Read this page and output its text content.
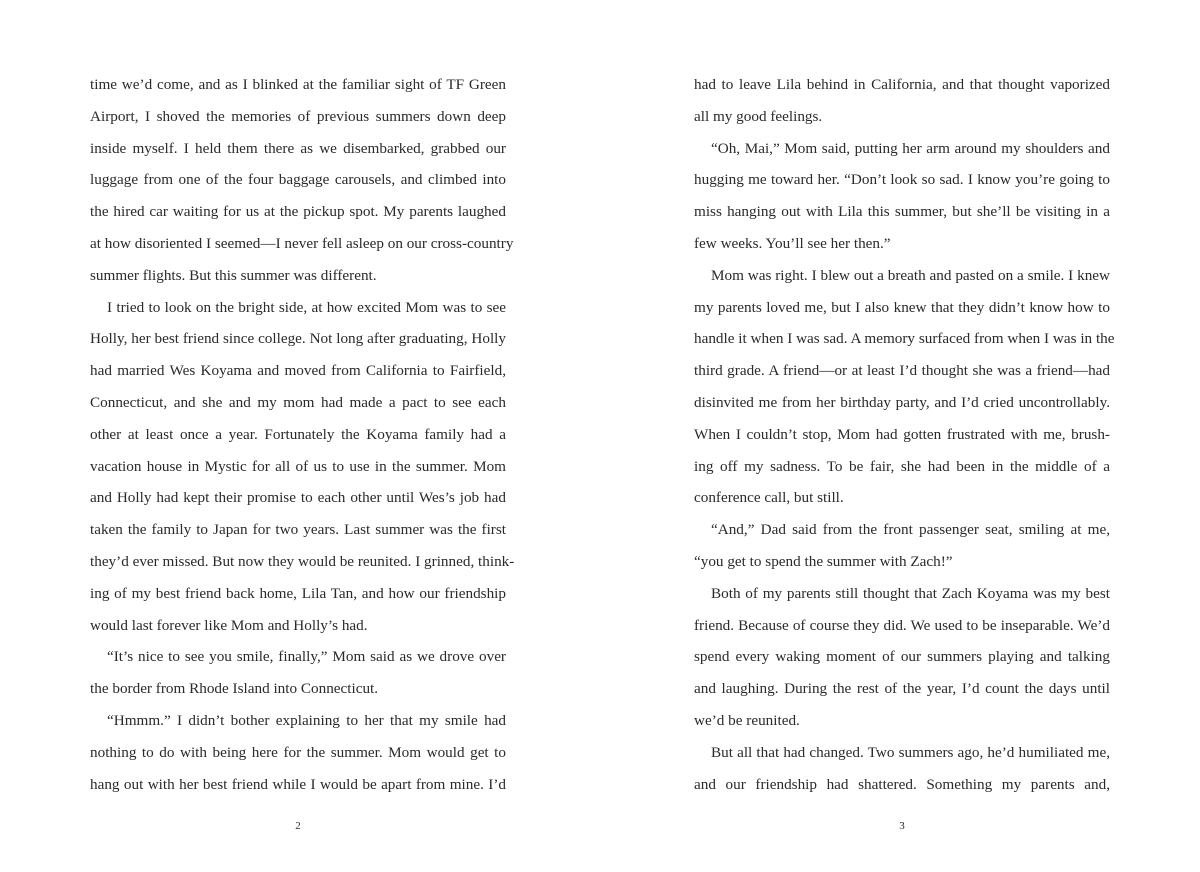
time we’d come, and as I blinked at the familiar sight of TF Green
Airport, I shoved the memories of previous summers down deep
inside myself. I held them there as we disembarked, grabbed our
luggage from one of the four baggage carousels, and climbed into
the hired car waiting for us at the pickup spot. My parents laughed
at how disoriented I seemed—I never fell asleep on our cross-country
summer flights. But this summer was different.
I tried to look on the bright side, at how excited Mom was to see
Holly, her best friend since college. Not long after graduating, Holly
had married Wes Koyama and moved from California to Fairfield,
Connecticut, and she and my mom had made a pact to see each
other at least once a year. Fortunately the Koyama family had a
vacation house in Mystic for all of us to use in the summer. Mom
and Holly had kept their promise to each other until Wes’s job had
taken the family to Japan for two years. Last summer was the first
they’d ever missed. But now they would be reunited. I grinned, think-
ing of my best friend back home, Lila Tan, and how our friendship
would last forever like Mom and Holly’s had.
“It’s nice to see you smile, finally,” Mom said as we drove over
the border from Rhode Island into Connecticut.
“Hmmm.” I didn’t bother explaining to her that my smile had
nothing to do with being here for the summer. Mom would get to
hang out with her best friend while I would be apart from mine. I’d
2
had to leave Lila behind in California, and that thought vaporized
all my good feelings.
“Oh, Mai,” Mom said, putting her arm around my shoulders and
hugging me toward her. “Don’t look so sad. I know you’re going to
miss hanging out with Lila this summer, but she’ll be visiting in a
few weeks. You’ll see her then.”
Mom was right. I blew out a breath and pasted on a smile. I knew
my parents loved me, but I also knew that they didn’t know how to
handle it when I was sad. A memory surfaced from when I was in the
third grade. A friend—or at least I’d thought she was a friend—had
disinvited me from her birthday party, and I’d cried uncontrollably.
When I couldn’t stop, Mom had gotten frustrated with me, brush-
ing off my sadness. To be fair, she had been in the middle of a
conference call, but still.
“And,” Dad said from the front passenger seat, smiling at me,
“you get to spend the summer with Zach!”
Both of my parents still thought that Zach Koyama was my best
friend. Because of course they did. We used to be inseparable. We’d
spend every waking moment of our summers playing and talking
and laughing. During the rest of the year, I’d count the days until
we’d be reunited.
But all that had changed. Two summers ago, he’d humiliated me,
and our friendship had shattered. Something my parents and,
3
